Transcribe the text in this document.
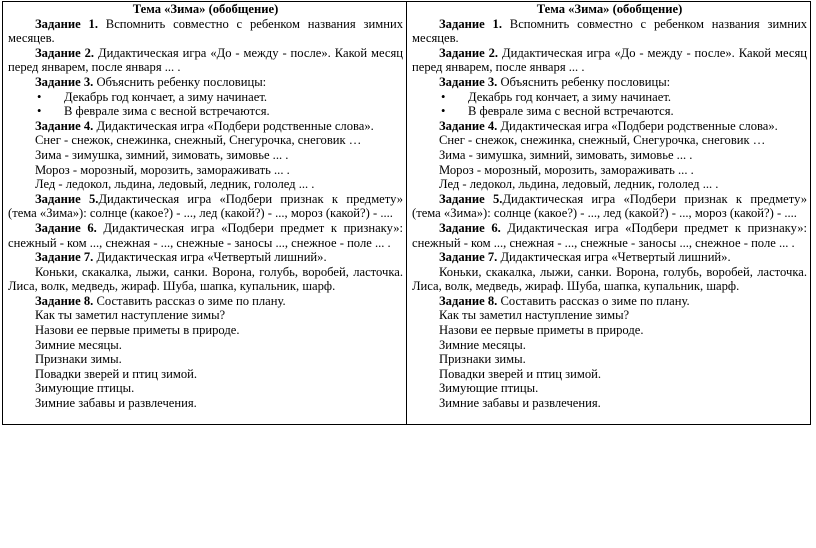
Тема «Зима» (обобщение)

Задание 1. Вспомнить совместно с ребенком названия зимних месяцев.

Задание 2. Дидактическая игра «До - между - после». Какой месяц перед январем, после января ... .

Задание 3. Объяснить ребенку пословицы:

• Декабрь год кончает, а зиму начинает.
• В феврале зима с весной встречаются.

Задание 4. Дидактическая игра «Подбери родственные слова».

Снег - снежок, снежинка, снежный, Снегурочка, снеговик …

Зима - зимушка, зимний, зимовать, зимовье ... .

Мороз - морозный, морозить, замораживать ... .

Лед - ледокол, льдина, ледовый, ледник, гололед ... .

Задание 5.Дидактическая игра «Подбери признак к предмету» (тема «Зима»): солнце (какое?) - ..., лед (какой?) - ..., мороз (какой?) - ....

Задание 6. Дидактическая игра «Подбери предмет к признаку»: снежный - ком ..., снежная - ..., снежные - заносы ..., снежное - поле ... .

Задание 7. Дидактическая игра «Четвертый лишний».

Коньки, скакалка, лыжи, санки. Ворона, голубь, воробей, ласточка. Лиса, волк, медведь, жираф. Шуба, шапка, купальник, шарф.

Задание 8. Составить рассказ о зиме по плану.

Как ты заметил наступление зимы?

Назови ее первые приметы в природе.

Зимние месяцы.

Признаки зимы.

Повадки зверей и птиц зимой.

Зимующие птицы.

Зимние забавы и развлечения.

Тема «Зима» (обобщение)

Задание 1. Вспомнить совместно с ребенком названия зимних месяцев.

Задание 2. Дидактическая игра «До - между - после». Какой месяц перед январем, после января ... .

Задание 3. Объяснить ребенку пословицы:

• Декабрь год кончает, а зиму начинает.
• В феврале зима с весной встречаются.

Задание 4. Дидактическая игра «Подбери родственные слова».

Снег - снежок, снежинка, снежный, Снегурочка, снеговик …

Зима - зимушка, зимний, зимовать, зимовье ... .

Мороз - морозный, морозить, замораживать ... .

Лед - ледокол, льдина, ледовый, ледник, гололед ... .

Задание 5.Дидактическая игра «Подбери признак к предмету» (тема «Зима»): солнце (какое?) - ..., лед (какой?) - ..., мороз (какой?) - ....

Задание 6. Дидактическая игра «Подбери предмет к признаку»: снежный - ком ..., снежная - ..., снежные - заносы ..., снежное - поле ... .

Задание 7. Дидактическая игра «Четвертый лишний».

Коньки, скакалка, лыжи, санки. Ворона, голубь, воробей, ласточка. Лиса, волк, медведь, жираф. Шуба, шапка, купальник, шарф.

Задание 8. Составить рассказ о зиме по плану.

Как ты заметил наступление зимы?

Назови ее первые приметы в природе.

Зимние месяцы.

Признаки зимы.

Повадки зверей и птиц зимой.

Зимующие птицы.

Зимние забавы и развлечения.
